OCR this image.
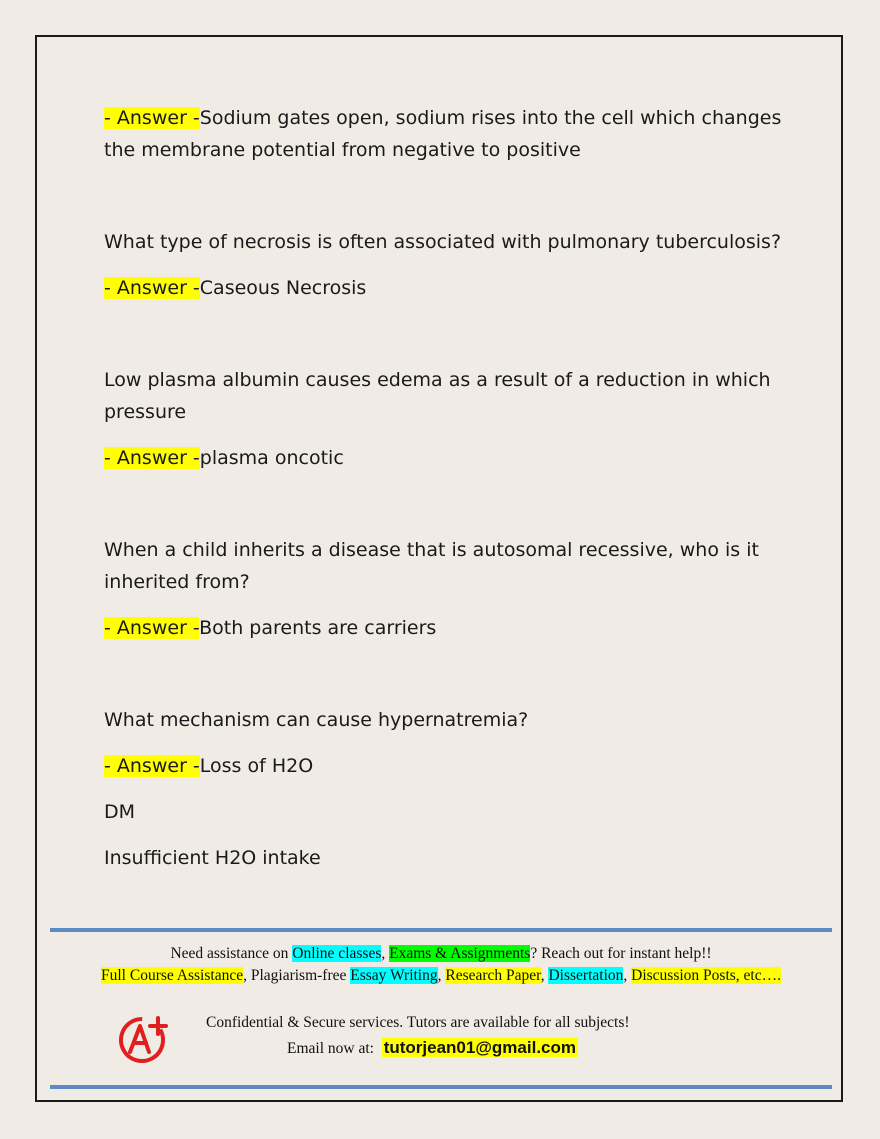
- Answer -Sodium gates open, sodium rises into the cell which changes the membrane potential from negative to positive

What type of necrosis is often associated with pulmonary tuberculosis?

- Answer -Caseous Necrosis

Low plasma albumin causes edema as a result of a reduction in which pressure

- Answer -plasma oncotic

When a child inherits a disease that is autosomal recessive, who is it inherited from?

- Answer -Both parents are carriers

What mechanism can cause hypernatremia?

- Answer -Loss of H2O

DM

Insufficient H2O intake

Need assistance on Online classes, Exams & Assignments? Reach out for instant help!!
Full Course Assistance, Plagiarism-free Essay Writing, Research Paper, Dissertation, Discussion Posts, etc….
Confidential & Secure services. Tutors are available for all subjects!
Email now at:  tutorjean01@gmail.com
